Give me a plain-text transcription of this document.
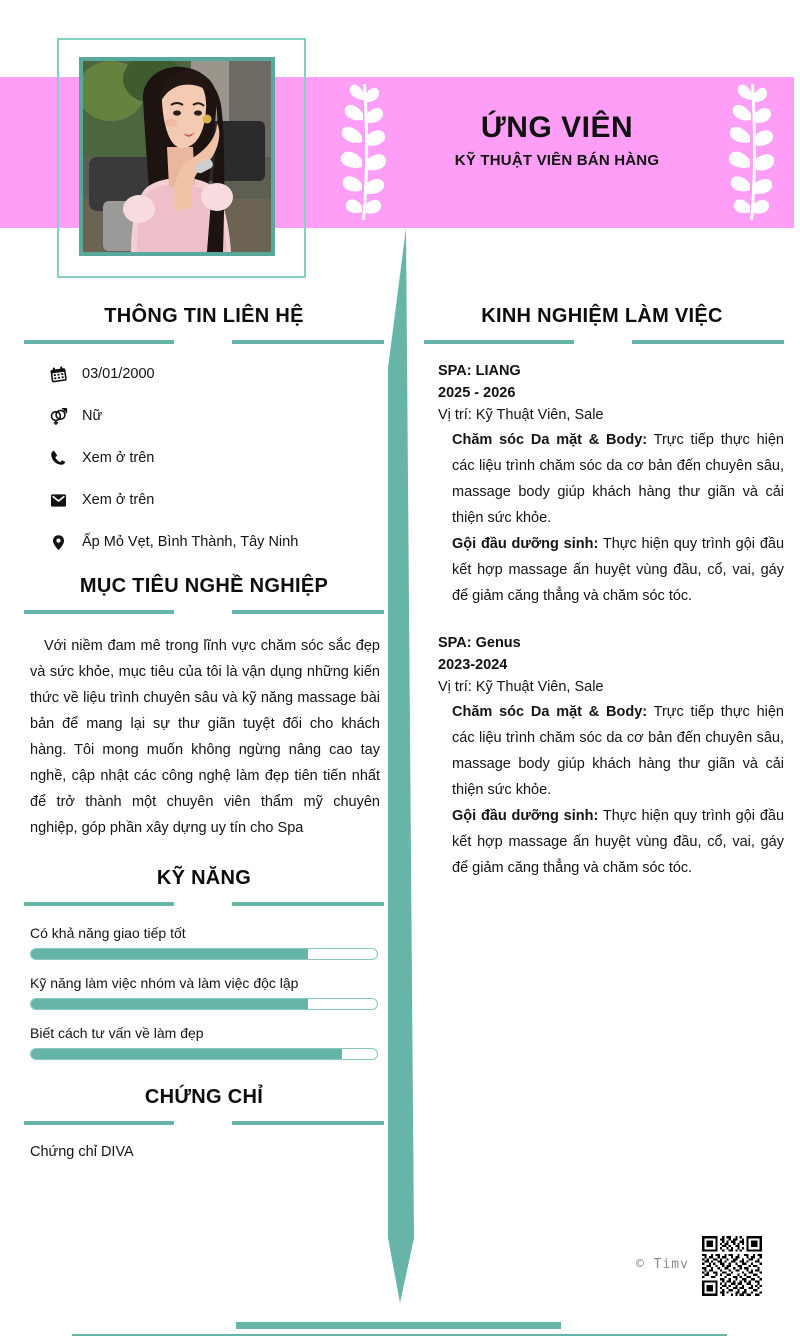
ỨNG VIÊN
KỸ THUẬT VIÊN BÁN HÀNG
THÔNG TIN LIÊN HỆ
03/01/2000
Nữ
Xem ở trên
Xem ở trên
Ấp Mỏ Vẹt, Bình Thành, Tây Ninh
MỤC TIÊU NGHỀ NGHIỆP

Với niềm đam mê trong lĩnh vực chăm sóc sắc đẹp và sức khỏe, mục tiêu của tôi là vận dụng những kiến thức về liệu trình chuyên sâu và kỹ năng massage bài bản để mang lại sự thư giãn tuyệt đối cho khách hàng. Tôi mong muốn không ngừng nâng cao tay nghề, cập nhật các công nghệ làm đẹp tiên tiến nhất để trở thành một chuyên viên thẩm mỹ chuyên nghiệp, góp phần xây dựng uy tín cho Spa

KỸ NĂNG
Có khả năng giao tiếp tốt
Kỹ năng làm việc nhóm và làm việc độc lập
Biết cách tư vấn về làm đẹp
CHỨNG CHỈ
Chứng chỉ DIVA
KINH NGHIỆM LÀM VIỆC
SPA: LIANG
2025 - 2026
Vị trí: Kỹ Thuật Viên, Sale

Chăm sóc Da mặt & Body: Trực tiếp thực hiện các liệu trình chăm sóc da cơ bản đến chuyên sâu, massage body giúp khách hàng thư giãn và cải thiện sức khỏe.

Gội đầu dưỡng sinh: Thực hiện quy trình gội đầu kết hợp massage ấn huyệt vùng đầu, cổ, vai, gáy để giảm căng thẳng và chăm sóc tóc.

SPA: Genus
2023-2024
Vị trí: Kỹ Thuật Viên, Sale

Chăm sóc Da mặt & Body: Trực tiếp thực hiện các liệu trình chăm sóc da cơ bản đến chuyên sâu, massage body giúp khách hàng thư giãn và cải thiện sức khỏe.

Gội đầu dưỡng sinh: Thực hiện quy trình gội đầu kết hợp massage ấn huyệt vùng đầu, cổ, vai, gáy để giảm căng thẳng và chăm sóc tóc.

© Timv
